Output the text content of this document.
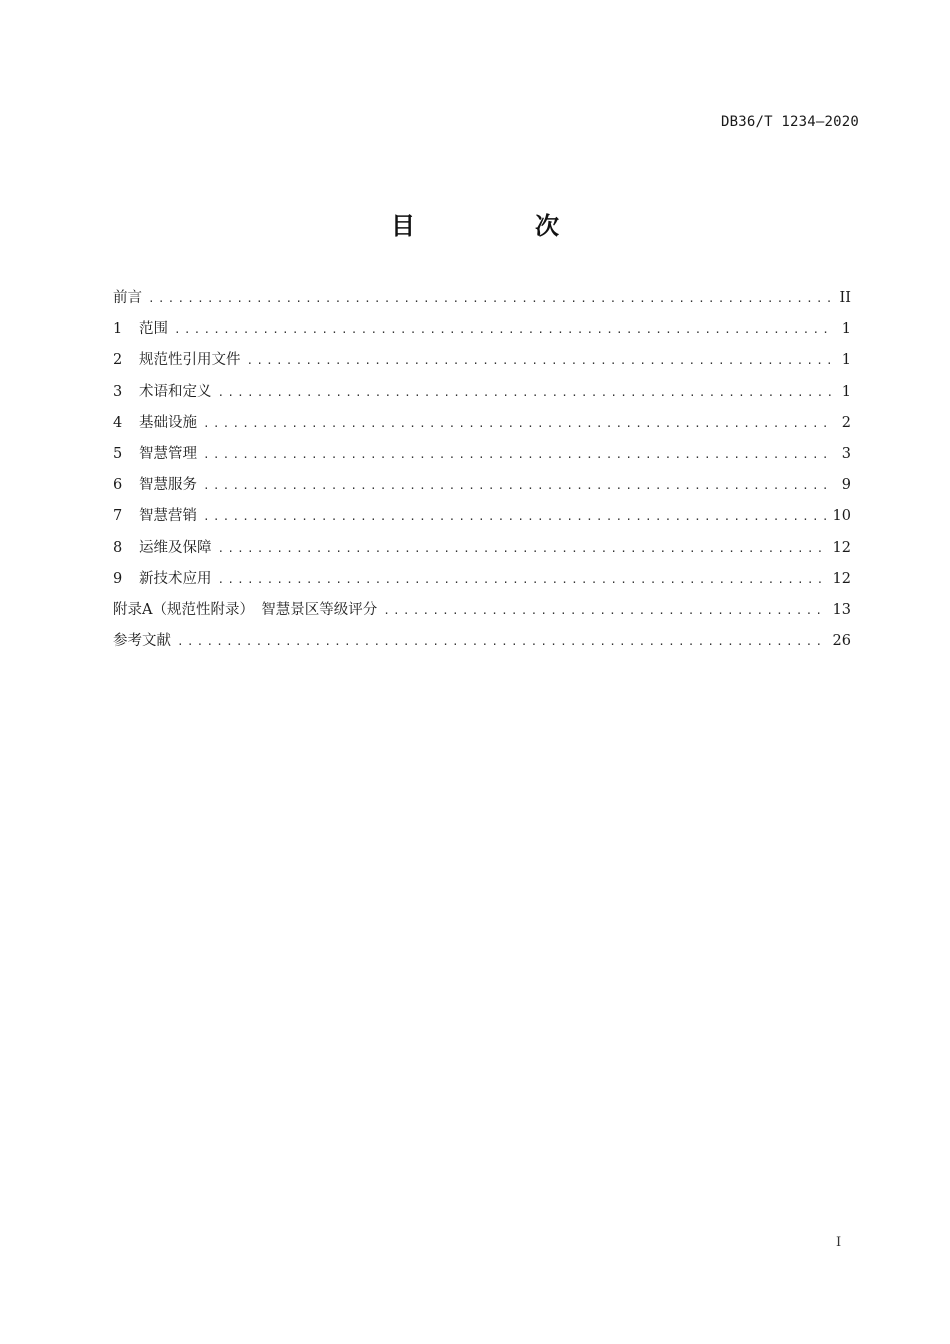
DB36/T 1234—2020
目　次
前言 .....	II
1	范围 .....	1
2	规范性引用文件 .....	1
3	术语和定义 .....	1
4	基础设施 .....	2
5	智慧管理 .....	3
6	智慧服务 .....	9
7	智慧营销 .....	10
8	运维及保障 .....	12
9	新技术应用 .....	12
附录A（规范性附录）　智慧景区等级评分 .....	13
参考文献 .....	26
I
